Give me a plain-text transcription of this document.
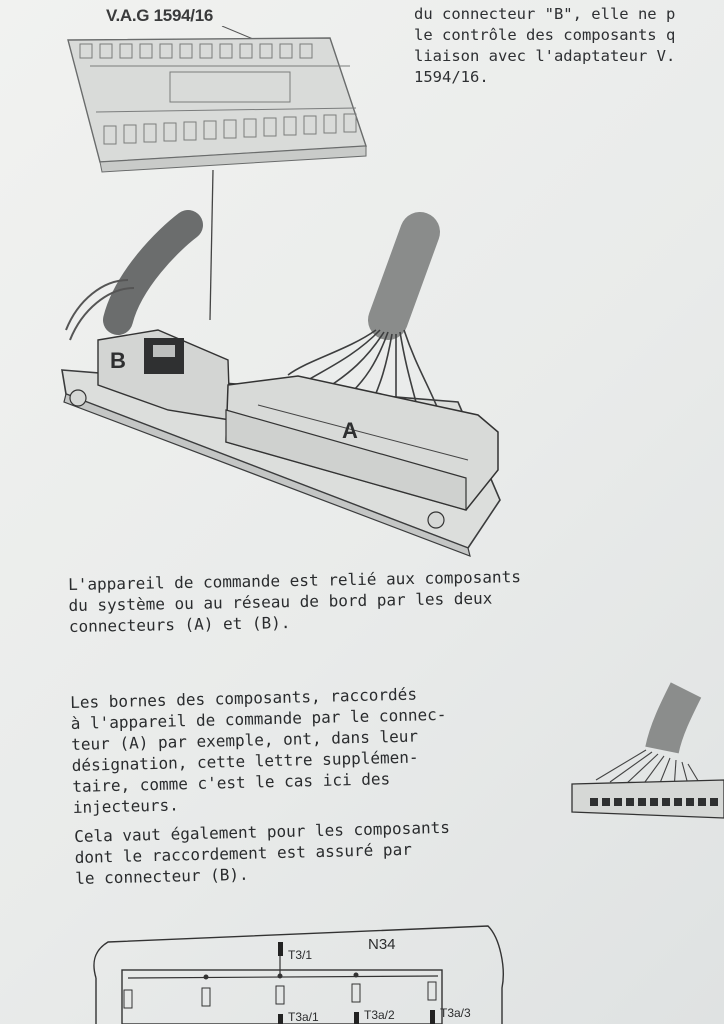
V.A.G 1594/16	du connecteur "B", elle ne p
le contrôle des composants q
liaison avec l'adaptateur V.
1594/16.

B
A
L'appareil de commande est relié aux composants
du système ou au réseau de bord par les deux
connecteurs (A) et (B).
Les bornes des composants, raccordés
à l'appareil de commande par le connec-
teur (A) par exemple, ont, dans leur
désignation, cette lettre supplémen-
taire, comme c'est le cas ici des
injecteurs.
Cela vaut également pour les composants
dont le raccordement est assuré par
le connecteur (B).
N34
T3/1
T3a/1	T3a/2	T3a/3
